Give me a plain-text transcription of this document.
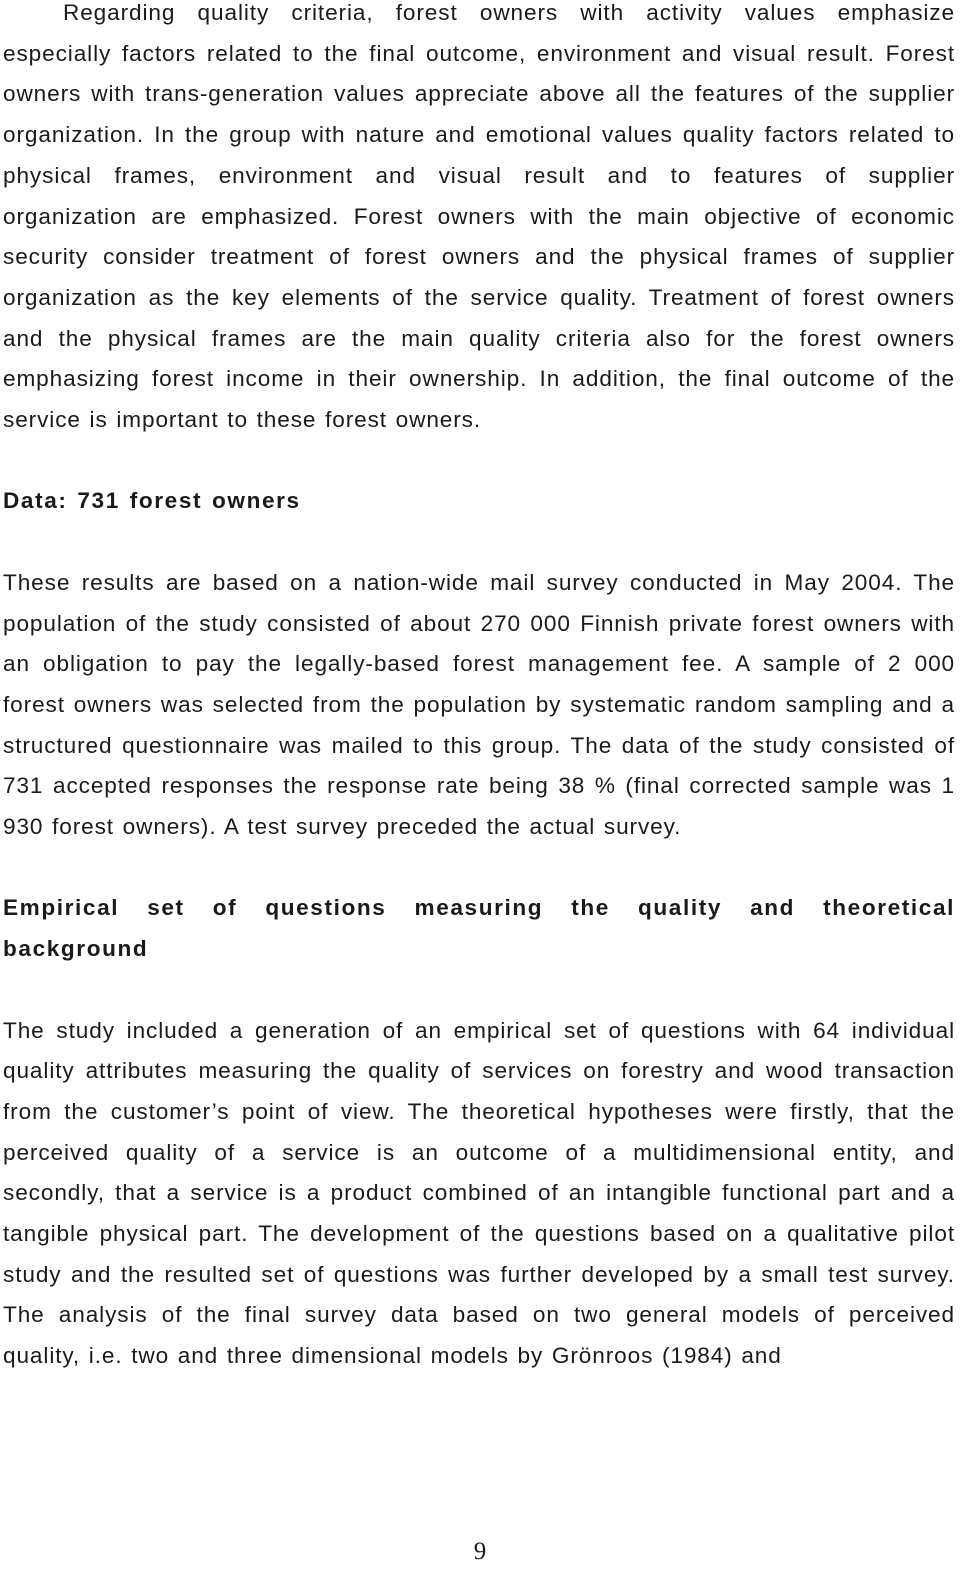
Regarding quality criteria, forest owners with activity values emphasize especially factors related to the final outcome, environment and visual result. Forest owners with trans-generation values appreciate above all the features of the supplier organization. In the group with nature and emotional values quality factors related to physical frames, environment and visual result and to features of supplier organization are emphasized. Forest owners with the main objective of economic security consider treatment of forest owners and the physical frames of supplier organization as the key elements of the service quality. Treatment of forest owners and the physical frames are the main quality criteria also for the forest owners emphasizing forest income in their ownership. In addition, the final outcome of the service is important to these forest owners.

Data: 731 forest owners

These results are based on a nation-wide mail survey conducted in May 2004. The population of the study consisted of about 270 000 Finnish private forest owners with an obligation to pay the legally-based forest management fee. A sample of 2 000 forest owners was selected from the population by systematic random sampling and a structured questionnaire was mailed to this group. The data of the study consisted of 731 accepted responses the response rate being 38 % (final corrected sample was 1 930 forest owners). A test survey preceded the actual survey.

Empirical set of questions measuring the quality and theoretical background

The study included a generation of an empirical set of questions with 64 individual quality attributes measuring the quality of services on forestry and wood transaction from the customer’s point of view. The theoretical hypotheses were firstly, that the perceived quality of a service is an outcome of a multidimensional entity, and secondly, that a service is a product combined of an intangible functional part and a tangible physical part. The development of the questions based on a qualitative pilot study and the resulted set of questions was further developed by a small test survey. The analysis of the final survey data based on two general models of perceived quality, i.e. two and three dimensional models by Grönroos (1984) and

9
